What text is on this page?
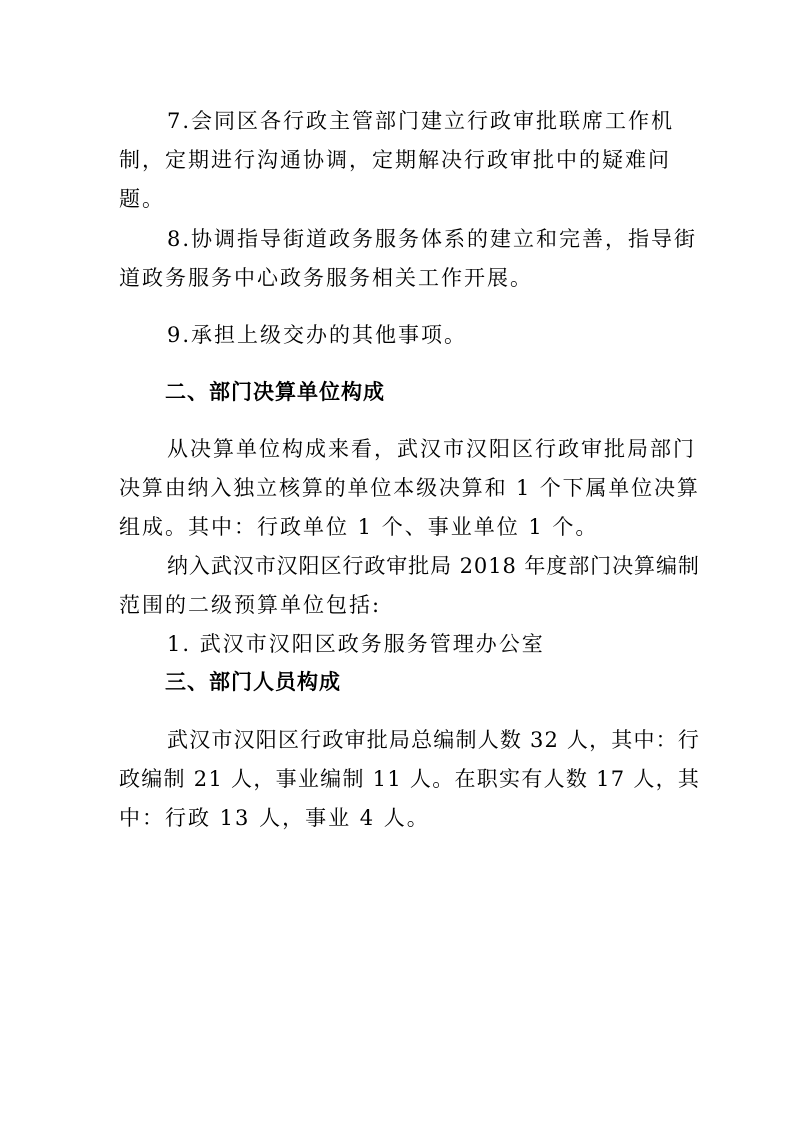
7.会同区各行政主管部门建立行政审批联席工作机
制，定期进行沟通协调，定期解决行政审批中的疑难问
题。
8.协调指导街道政务服务体系的建立和完善，指导街
道政务服务中心政务服务相关工作开展。
9.承担上级交办的其他事项。
二、部门决算单位构成
从决算单位构成来看，武汉市汉阳区行政审批局部门
决算由纳入独立核算的单位本级决算和 1 个下属单位决算
组成。其中：行政单位 1 个、事业单位 1 个。
纳入武汉市汉阳区行政审批局 2018 年度部门决算编制
范围的二级预算单位包括:
1. 武汉市汉阳区政务服务管理办公室
三、部门人员构成
武汉市汉阳区行政审批局总编制人数 32 人，其中：行
政编制 21 人，事业编制 11 人。在职实有人数 17 人，其
中：行政 13 人，事业 4 人。
